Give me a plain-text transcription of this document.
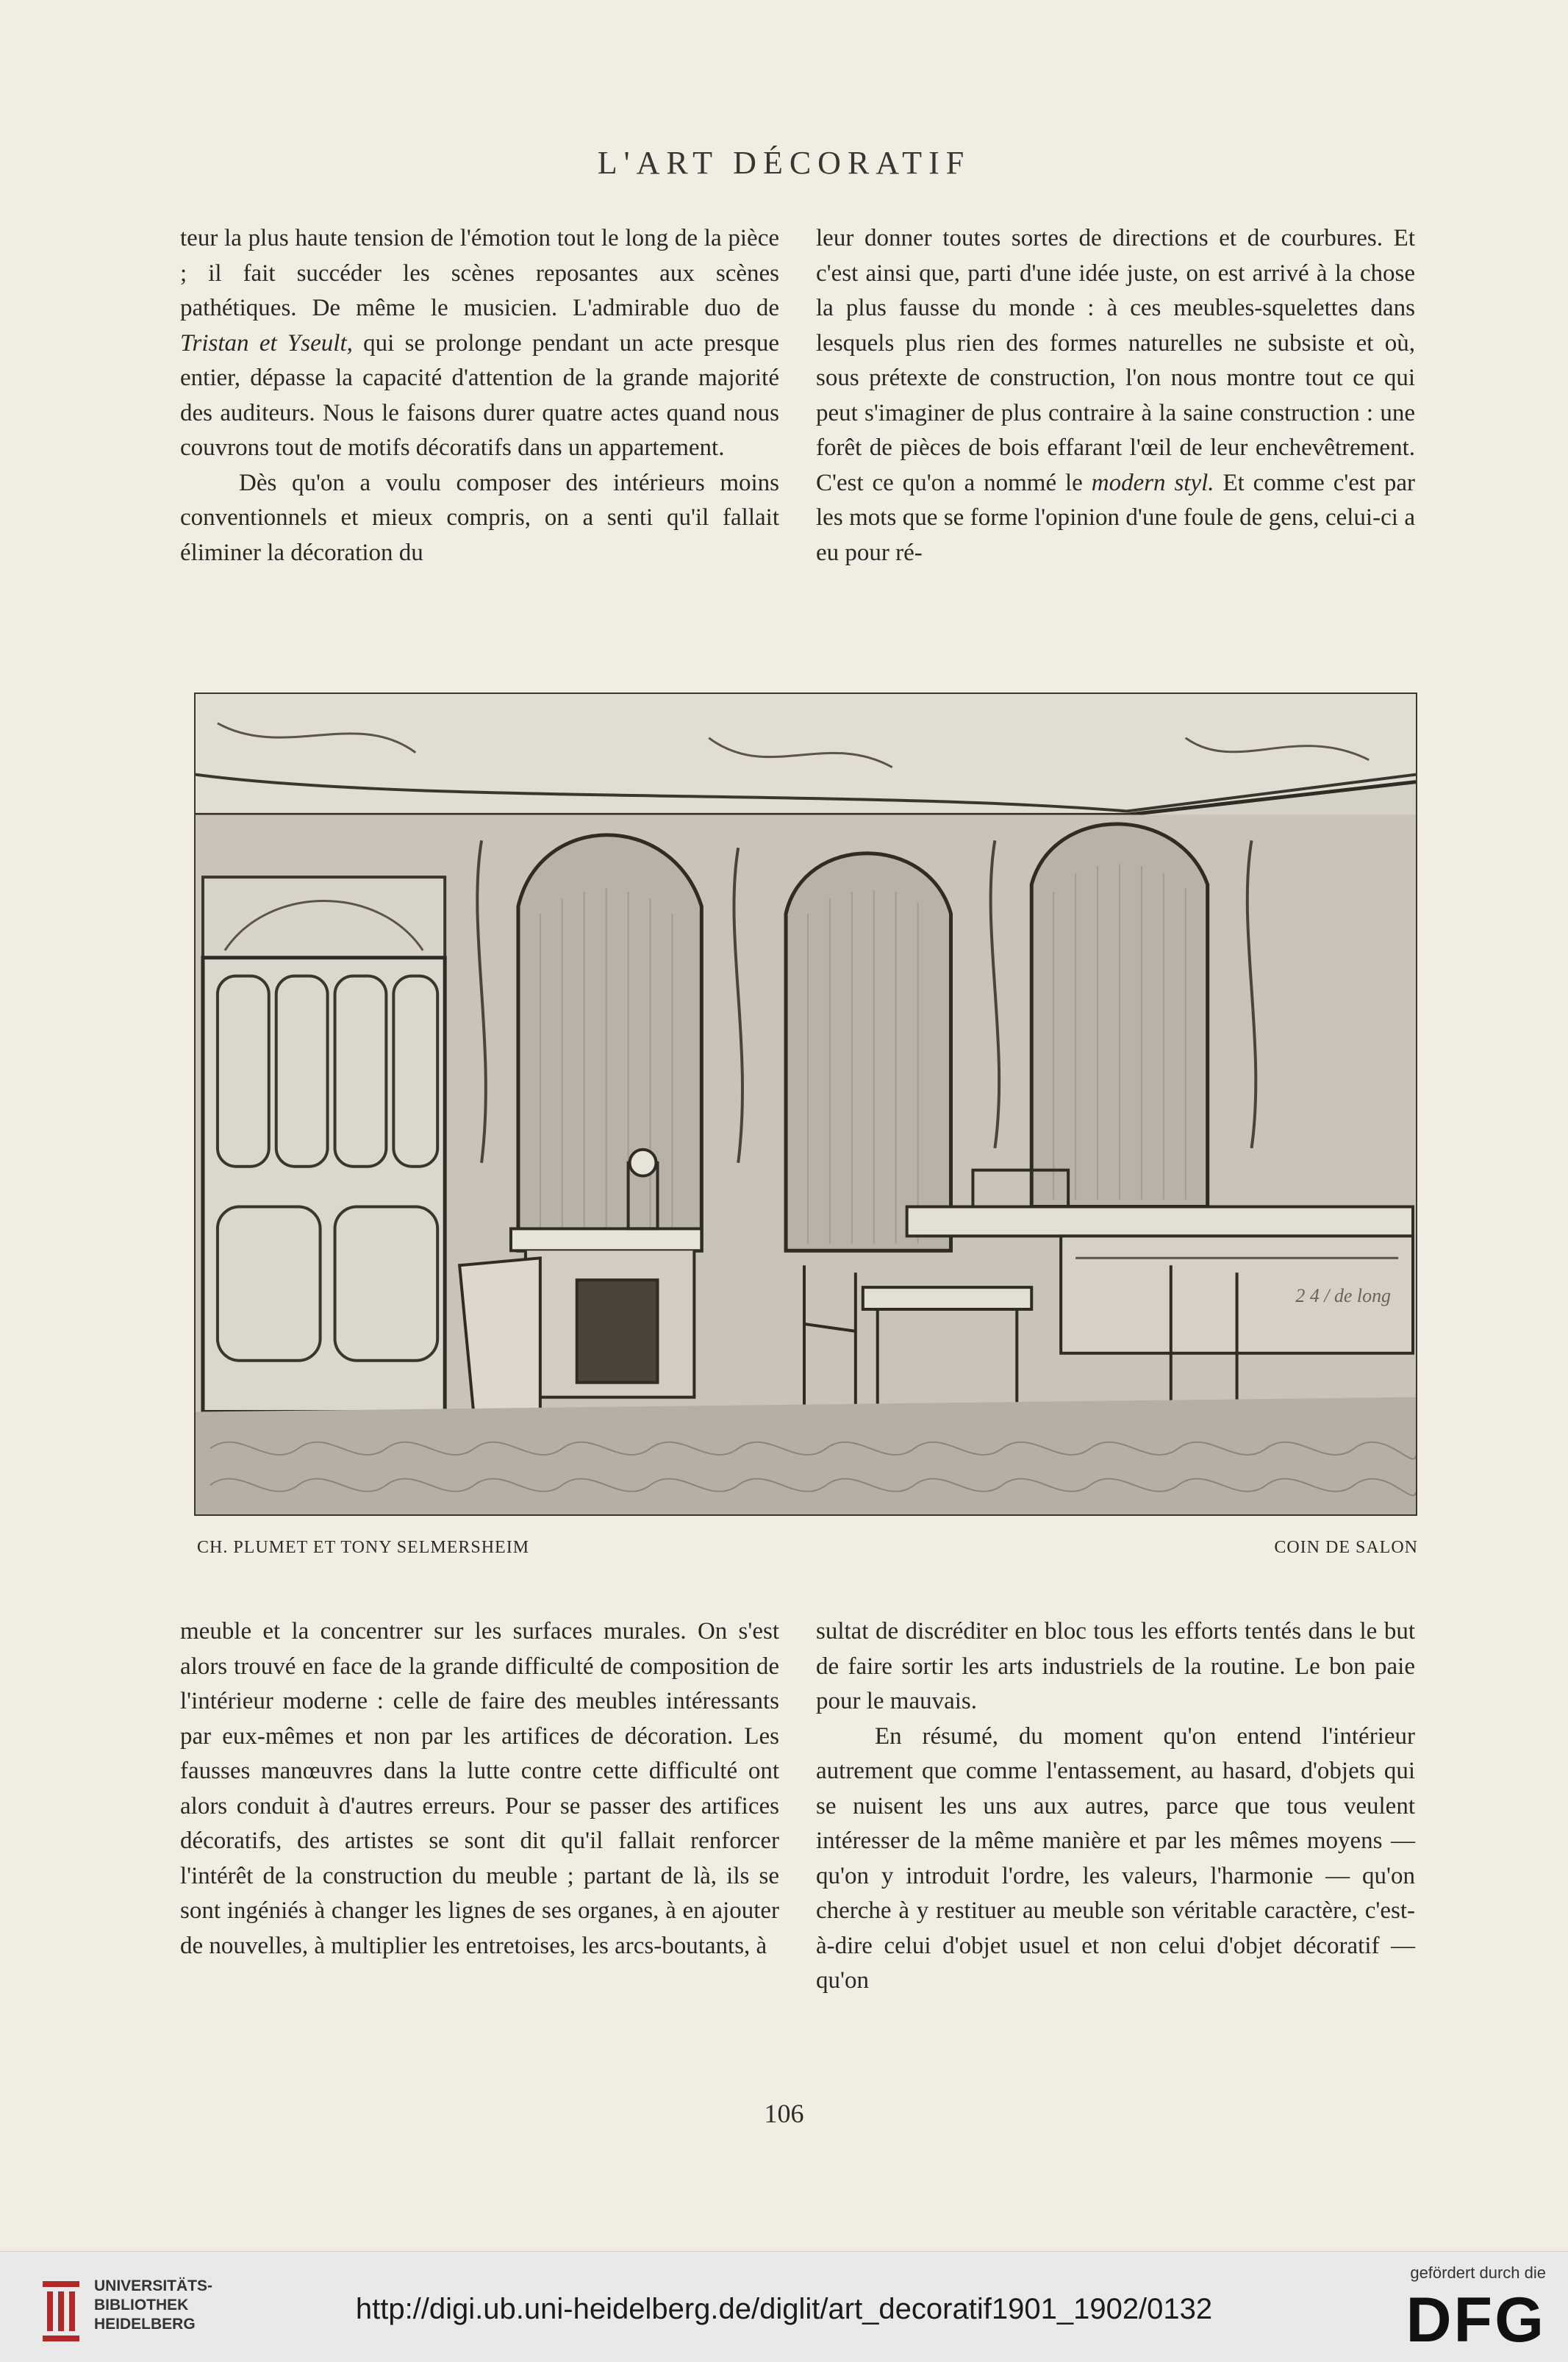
L'ART DÉCORATIF

teur la plus haute tension de l'émotion tout le long de la pièce ; il fait succéder les scènes reposantes aux scènes pathétiques. De même le musicien. L'admirable duo de Tristan et Yseult, qui se prolonge pendant un acte presque entier, dépasse la capacité d'attention de la grande majorité des auditeurs. Nous le faisons durer quatre actes quand nous couvrons tout de motifs décoratifs dans un appartement.

Dès qu'on a voulu composer des intérieurs moins conventionnels et mieux compris, on a senti qu'il fallait éliminer la décoration du

leur donner toutes sortes de directions et de courbures. Et c'est ainsi que, parti d'une idée juste, on est arrivé à la chose la plus fausse du monde : à ces meubles-squelettes dans lesquels plus rien des formes naturelles ne subsiste et où, sous prétexte de construction, l'on nous montre tout ce qui peut s'imaginer de plus contraire à la saine construction : une forêt de pièces de bois effarant l'œil de leur enchevêtrement. C'est ce qu'on a nommé le modern styl. Et comme c'est par les mots que se forme l'opinion d'une foule de gens, celui-ci a eu pour ré-

2 4 / de long
CH. PLUMET ET TONY SELMERSHEIM	COIN DE SALON

meuble et la concentrer sur les surfaces murales. On s'est alors trouvé en face de la grande difficulté de composition de l'intérieur moderne : celle de faire des meubles intéressants par eux-mêmes et non par les artifices de décoration. Les fausses manœuvres dans la lutte contre cette difficulté ont alors conduit à d'autres erreurs. Pour se passer des artifices décoratifs, des artistes se sont dit qu'il fallait renforcer l'intérêt de la construction du meuble ; partant de là, ils se sont ingéniés à changer les lignes de ses organes, à en ajouter de nouvelles, à multiplier les entretoises, les arcs-boutants, à

sultat de discréditer en bloc tous les efforts tentés dans le but de faire sortir les arts industriels de la routine. Le bon paie pour le mauvais.

En résumé, du moment qu'on entend l'intérieur autrement que comme l'entassement, au hasard, d'objets qui se nuisent les uns aux autres, parce que tous veulent intéresser de la même manière et par les mêmes moyens — qu'on y introduit l'ordre, les valeurs, l'harmonie — qu'on cherche à y restituer au meuble son véritable caractère, c'est-à-dire celui d'objet usuel et non celui d'objet décoratif — qu'on

106
UNIVERSITÄTS-
BIBLIOTHEK
HEIDELBERG	http://digi.ub.uni-heidelberg.de/diglit/art_decoratif1901_1902/0132
gefördert durch die
DFG
